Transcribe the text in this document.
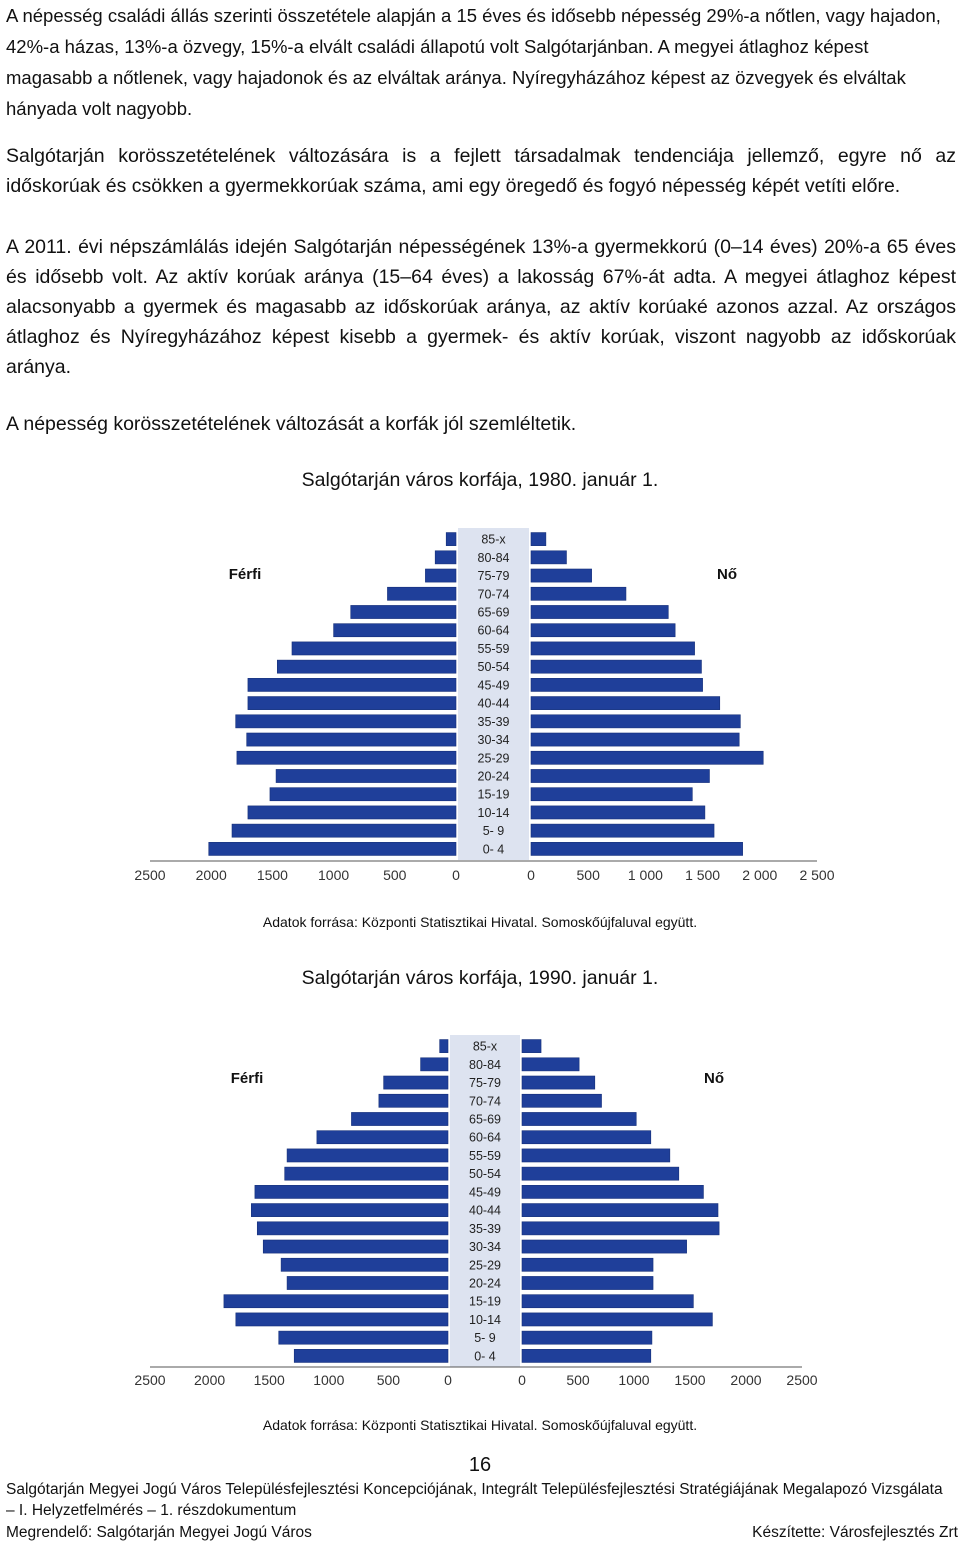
A népesség családi állás szerinti összetétele alapján a 15 éves és idősebb népesség 29%-a nőtlen, vagy hajadon, 42%-a házas, 13%-a özvegy, 15%-a elvált családi állapotú volt Salgótarjánban. A megyei átlaghoz képest magasabb a nőtlenek, vagy hajadonok és az elváltak aránya. Nyíregyházához képest az özvegyek és elváltak hányada volt nagyobb.

Salgótarján korösszetételének változására is a fejlett társadalmak tendenciája jellemző, egyre nő az időskorúak és csökken a gyermekkorúak száma, ami egy öregedő és fogyó népesség képét vetíti előre.

A 2011. évi népszámlálás idején Salgótarján népességének 13%-a gyermekkorú (0–14 éves) 20%-a 65 éves és idősebb volt. Az aktív korúak aránya (15–64 éves) a lakosság 67%-át adta. A megyei átlaghoz képest alacsonyabb a gyermek és magasabb az időskorúak aránya, az aktív korúaké azonos azzal. Az országos átlaghoz és Nyíregyházához képest kisebb a gyermek- és aktív korúak, viszont nagyobb az időskorúak aránya.

A népesség korösszetételének változását a korfák jól szemléltetik.

Salgótarján város korfája, 1980. január 1.
85-x
80-84
75-79
70-74
65-69
60-64
55-59
50-54
45-49
40-44
35-39
30-34
25-29
20-24
15-19
10-14
5- 9
0- 4
2500 2000 1500 1000 500	0	0	500 1 000 1 500 2 000 2 500
Férfi	Nő
Adatok forrása: Központi Statisztikai Hivatal. Somoskőújfaluval együtt.
Salgótarján város korfája, 1990. január 1.
85-x
80-84
75-79
70-74
65-69
60-64
55-59
50-54
45-49
40-44
35-39
30-34
25-29
20-24
15-19
10-14
5- 9
0- 4
2500 2000 1500 1000 500	0	0	500 1000 1500 2000 2500
Férfi	Nő
Adatok forrása: Központi Statisztikai Hivatal. Somoskőújfaluval együtt.
16
Salgótarján Megyei Jogú Város Településfejlesztési Koncepciójának, Integrált Településfejlesztési Stratégiájának Megalapozó Vizsgálata
– I. Helyzetfelmérés – 1. részdokumentum
Megrendelő: Salgótarján Megyei Jogú Város	Készítette: Városfejlesztés Zrt
